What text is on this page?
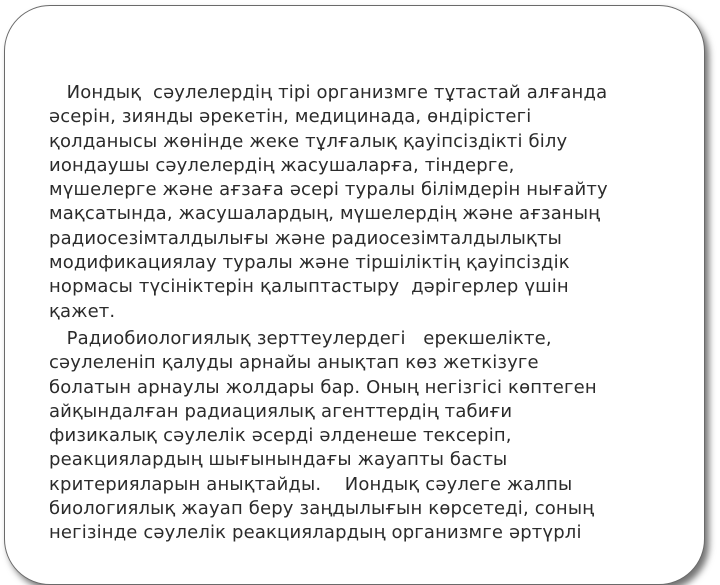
Иондық  сәулелердің тірі организмге тұтастай алғанда
әсерін, зиянды әрекетін, медицинада, өндірістегі
қолданысы жөнінде жеке тұлғалық қауіпсіздікті білу
иондаушы сәулелердің жасушаларға, тіндерге,
мүшелерге және ағзаға әсері туралы білімдерін нығайту
мақсатында, жасушалардың, мүшелердің және ағзаның
радиосезімталдылығы және радиосезімталдылықты
модификациялау туралы және тіршіліктің қауіпсіздік
нормасы түсініктерін қалыптастыру  дәрігерлер үшін
қажет.
Радиобиологиялық зерттеулердегі   ерекшелікте,
сәулеленіп қалуды арнайы анықтап көз жеткізуге
болатын арнаулы жолдары бар. Оның негізгісі көптеген
айқындалған радиациялық агенттердің табиғи
физикалық сәулелік әсерді әлденеше тексеріп,
реакциялардың шығынындағы жауапты басты
критерияларын анықтайды.    Иондық сәулеге жалпы
биологиялық жауап беру заңдылығын көрсетеді, соның
негізінде сәулелік реакциялардың организмге әртүрлі
